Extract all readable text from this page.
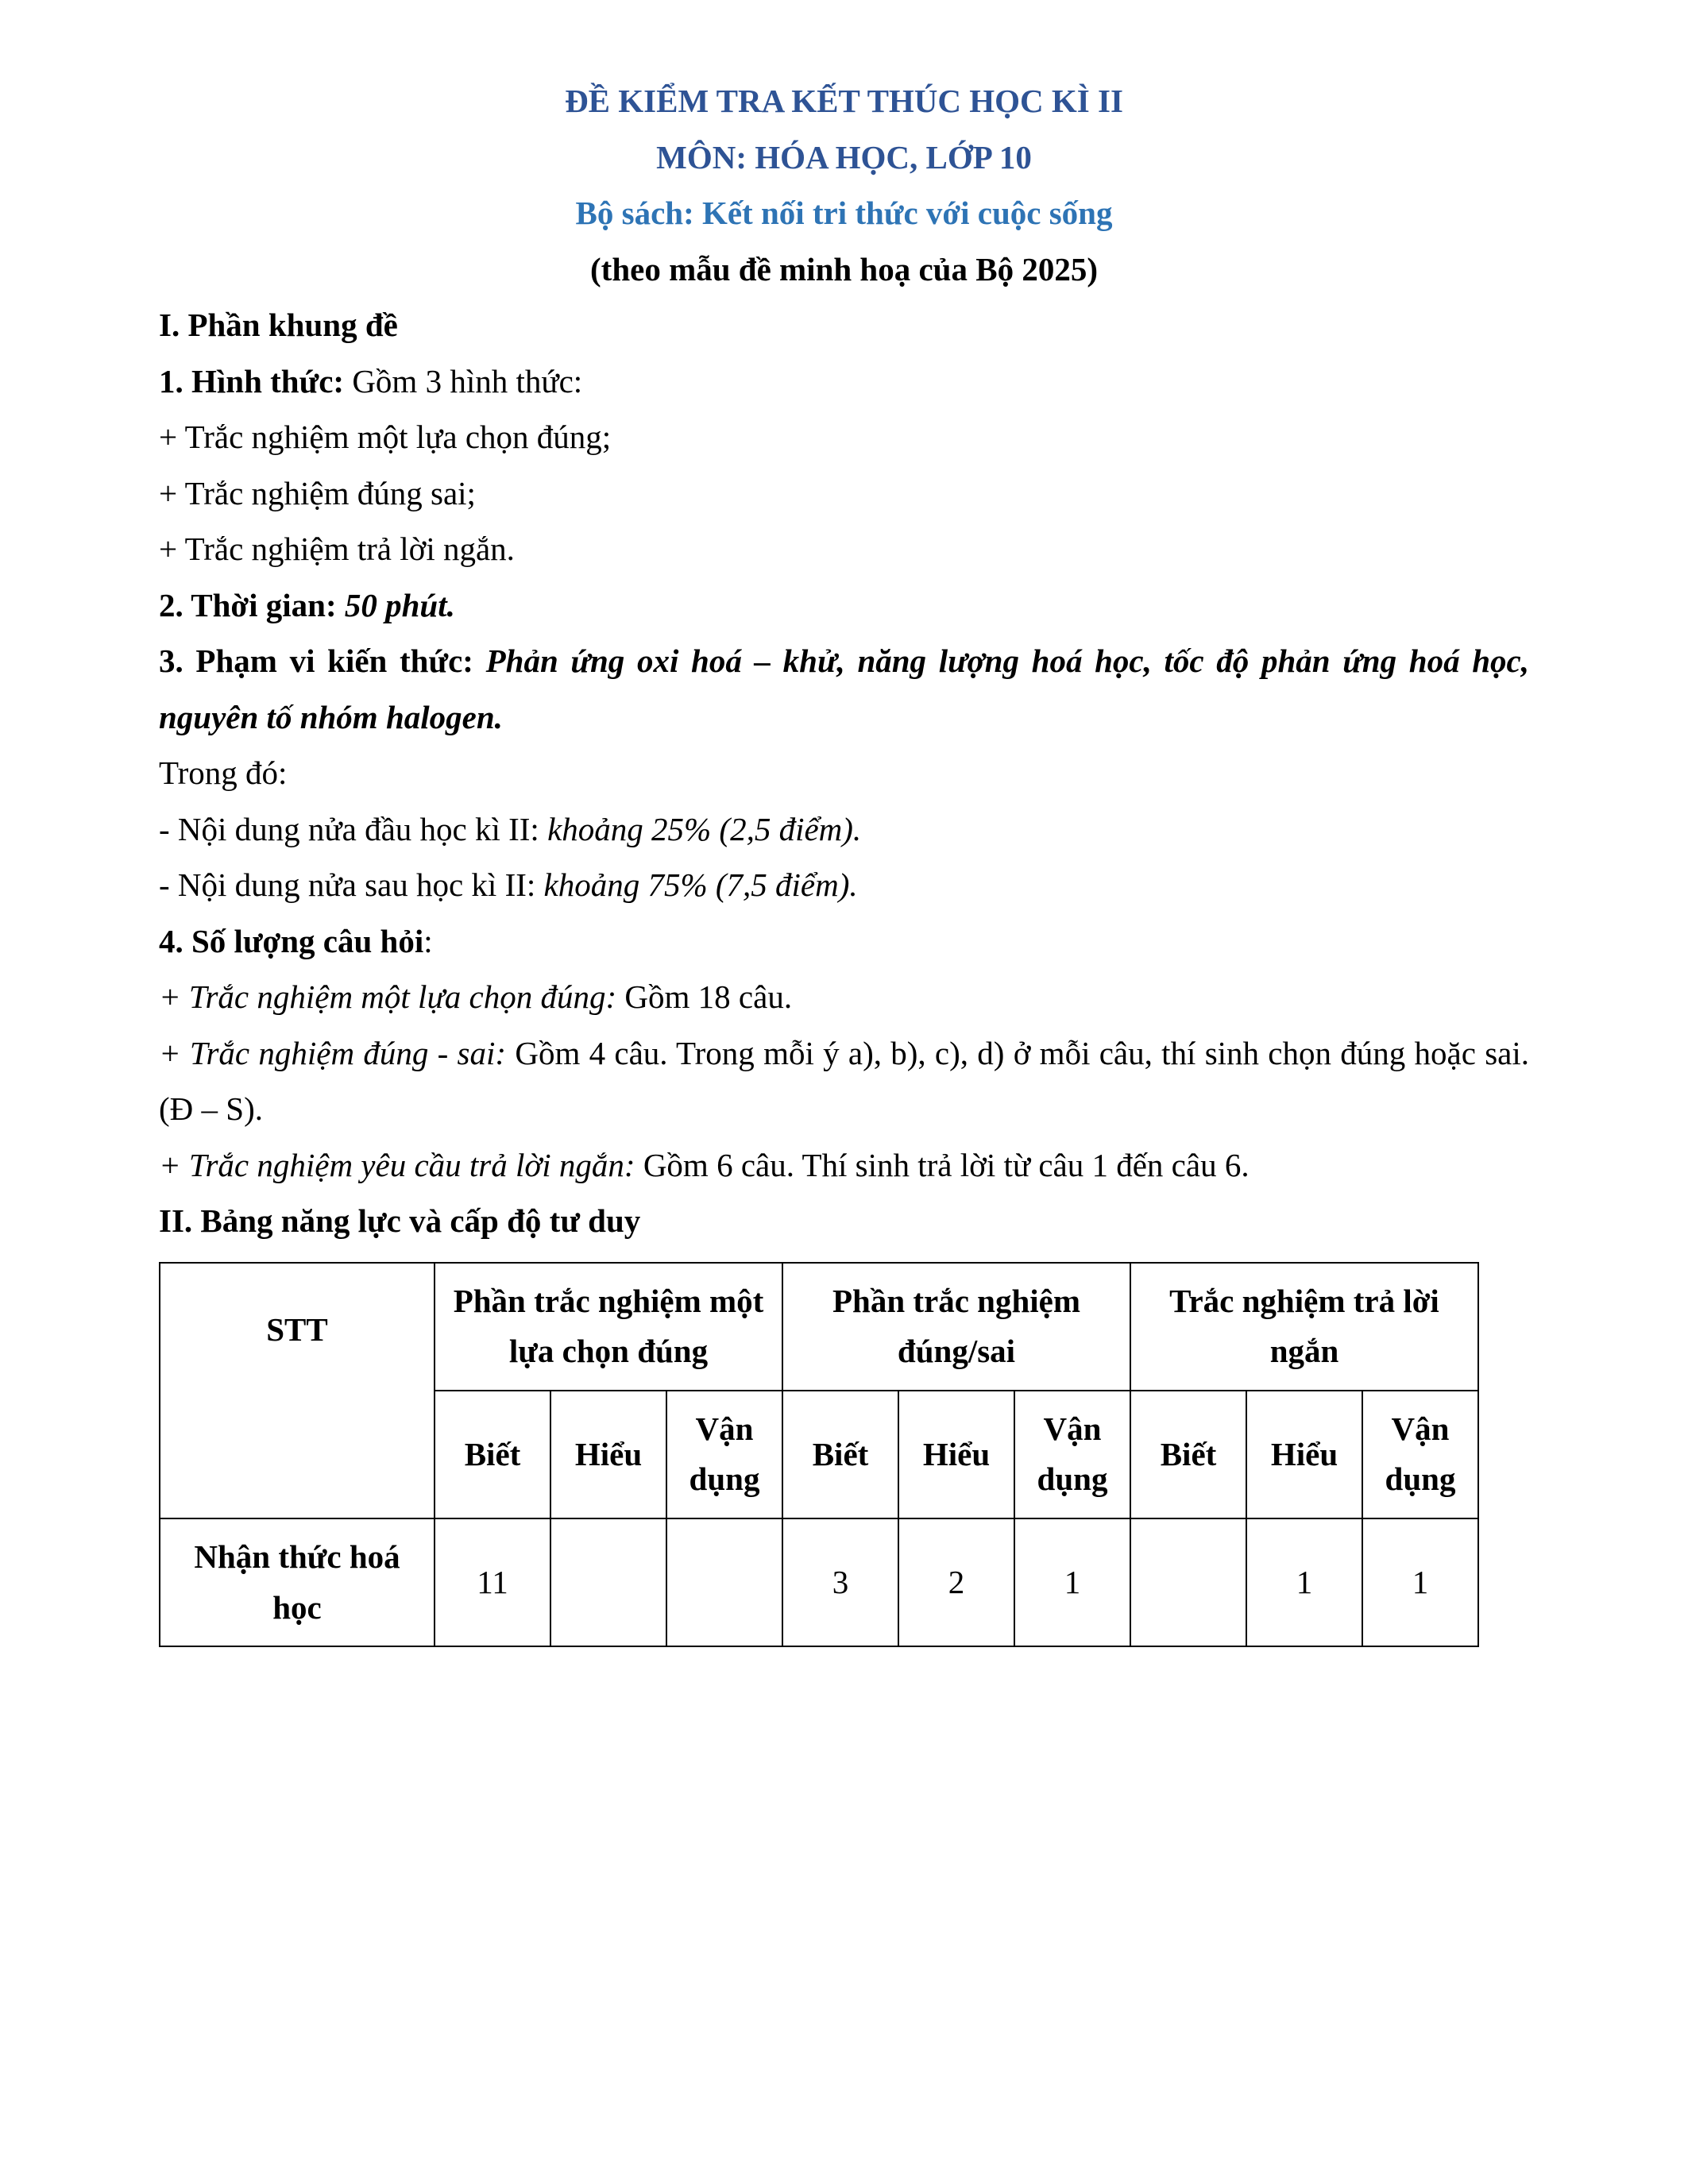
ĐỀ KIỂM TRA KẾT THÚC HỌC KÌ II

MÔN: HÓA HỌC, LỚP 10

Bộ sách: Kết nối tri thức với cuộc sống

(theo mẫu đề minh hoạ của Bộ 2025)

I. Phần khung đề

1. Hình thức: Gồm 3 hình thức:

+ Trắc nghiệm một lựa chọn đúng;

+ Trắc nghiệm đúng sai;

+ Trắc nghiệm trả lời ngắn.

2. Thời gian: 50 phút.

3. Phạm vi kiến thức: Phản ứng oxi hoá – khử, năng lượng hoá học, tốc độ phản ứng hoá học, nguyên tố nhóm halogen.

Trong đó:

- Nội dung nửa đầu học kì II: khoảng 25% (2,5 điểm).

- Nội dung nửa sau học kì II: khoảng 75% (7,5 điểm).

4. Số lượng câu hỏi:

+ Trắc nghiệm một lựa chọn đúng: Gồm 18 câu.

+ Trắc nghiệm đúng - sai: Gồm 4 câu. Trong mỗi ý a), b), c), d) ở mỗi câu, thí sinh chọn đúng hoặc sai. (Đ – S).

+ Trắc nghiệm yêu cầu trả lời ngắn: Gồm 6 câu. Thí sinh trả lời từ câu 1 đến câu 6.

II. Bảng năng lực và cấp độ tư duy

STT	Phần trắc nghiệm một lựa chọn đúng			Phần trắc nghiệm đúng/sai			Trắc nghiệm trả lời ngắn		
	Biết	Hiểu	Vận dụng	Biết	Hiểu	Vận dụng	Biết	Hiểu	Vận dụng
Nhận thức hoá học	11			3	2	1		1	1
